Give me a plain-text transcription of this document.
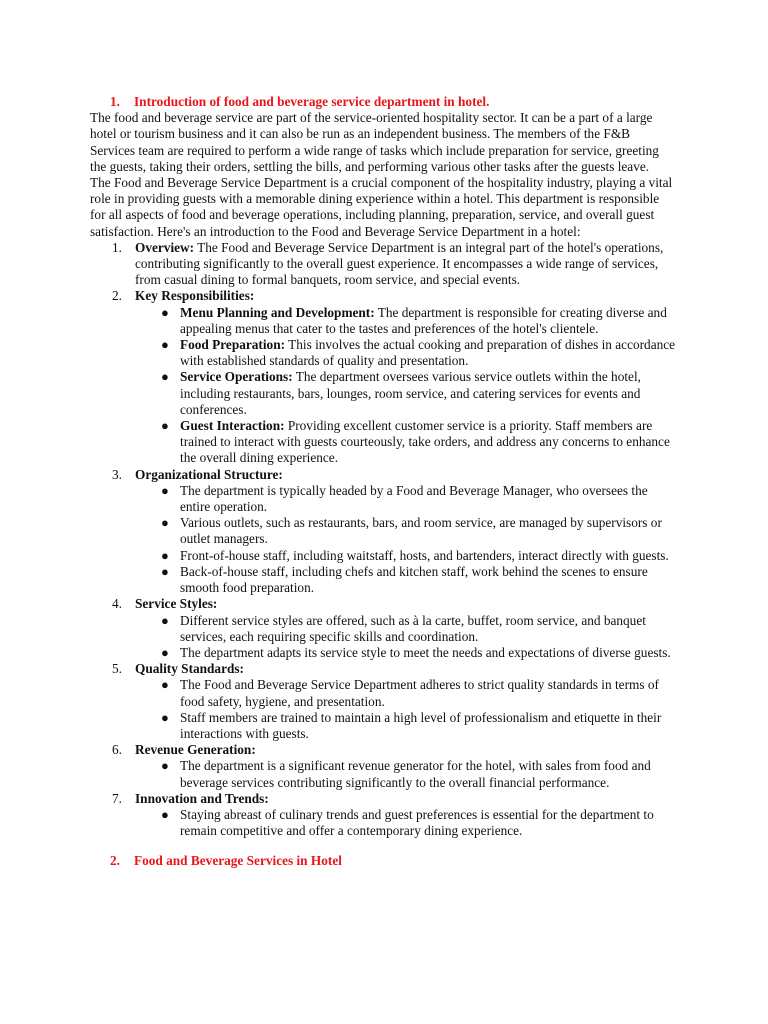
1. Introduction of food and beverage service department in hotel.

The food and beverage service are part of the service-oriented hospitality sector. It can be a part of a large hotel or tourism business and it can also be run as an independent business. The members of the F&B Services team are required to perform a wide range of tasks which include preparation for service, greeting the guests, taking their orders, settling the bills, and performing various other tasks after the guests leave.

The Food and Beverage Service Department is a crucial component of the hospitality industry, playing a vital role in providing guests with a memorable dining experience within a hotel. This department is responsible for all aspects of food and beverage operations, including planning, preparation, service, and overall guest satisfaction. Here's an introduction to the Food and Beverage Service Department in a hotel:

1. Overview: The Food and Beverage Service Department is an integral part of the hotel's operations, contributing significantly to the overall guest experience. It encompasses a wide range of services, from casual dining to formal banquets, room service, and special events.
2. Key Responsibilities:
● Menu Planning and Development: The department is responsible for creating diverse and appealing menus that cater to the tastes and preferences of the hotel's clientele.
● Food Preparation: This involves the actual cooking and preparation of dishes in accordance with established standards of quality and presentation.
● Service Operations: The department oversees various service outlets within the hotel, including restaurants, bars, lounges, room service, and catering services for events and conferences.
● Guest Interaction: Providing excellent customer service is a priority. Staff members are trained to interact with guests courteously, take orders, and address any concerns to enhance the overall dining experience.
3. Organizational Structure:
● The department is typically headed by a Food and Beverage Manager, who oversees the entire operation.
● Various outlets, such as restaurants, bars, and room service, are managed by supervisors or outlet managers.
● Front-of-house staff, including waitstaff, hosts, and bartenders, interact directly with guests.
● Back-of-house staff, including chefs and kitchen staff, work behind the scenes to ensure smooth food preparation.
4. Service Styles:
● Different service styles are offered, such as à la carte, buffet, room service, and banquet services, each requiring specific skills and coordination.
● The department adapts its service style to meet the needs and expectations of diverse guests.
5. Quality Standards:
● The Food and Beverage Service Department adheres to strict quality standards in terms of food safety, hygiene, and presentation.
● Staff members are trained to maintain a high level of professionalism and etiquette in their interactions with guests.
6. Revenue Generation:
● The department is a significant revenue generator for the hotel, with sales from food and beverage services contributing significantly to the overall financial performance.
7. Innovation and Trends:
● Staying abreast of culinary trends and guest preferences is essential for the department to remain competitive and offer a contemporary dining experience.
2. Food and Beverage Services in Hotel
